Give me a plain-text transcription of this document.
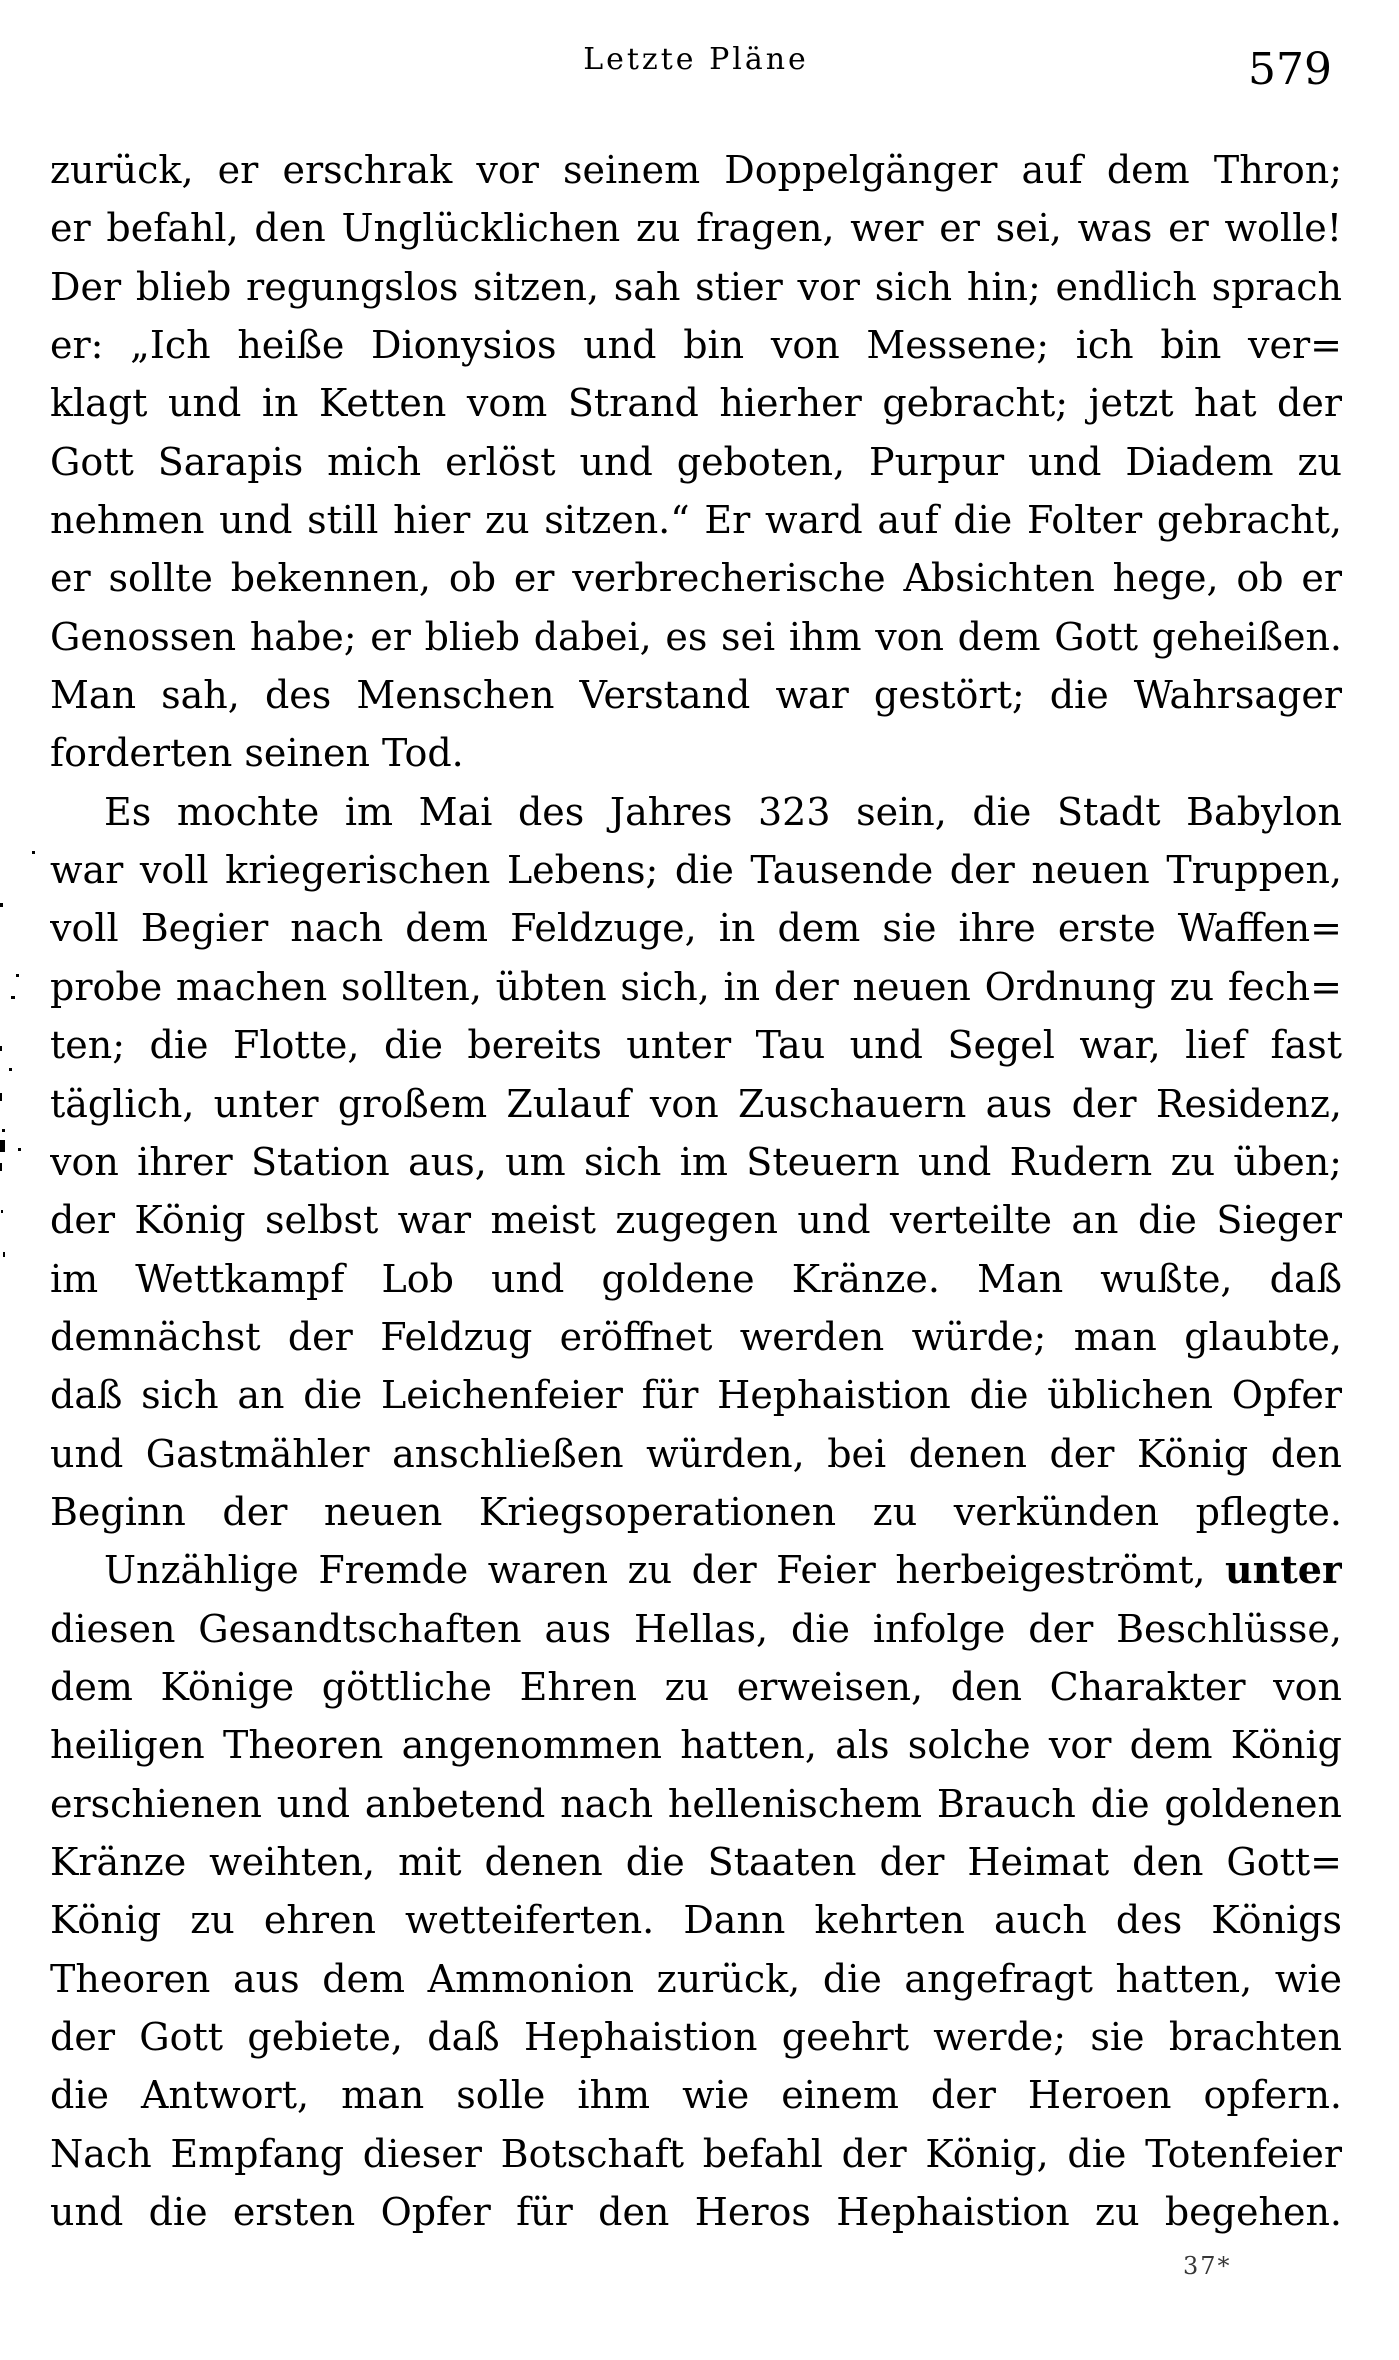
Letzte Pläne	579
zurück, er erschrak vor seinem Doppelgänger auf dem Thron;
er befahl, den Unglücklichen zu fragen, wer er sei, was er wolle!
Der blieb regungslos sitzen, sah stier vor sich hin; endlich sprach
er: „Ich heiße Dionysios und bin von Messene; ich bin ver=
klagt und in Ketten vom Strand hierher gebracht; jetzt hat der
Gott Sarapis mich erlöst und geboten, Purpur und Diadem zu
nehmen und still hier zu sitzen.“ Er ward auf die Folter gebracht,
er sollte bekennen, ob er verbrecherische Absichten hege, ob er
Genossen habe; er blieb dabei, es sei ihm von dem Gott geheißen.
Man sah, des Menschen Verstand war gestört; die Wahrsager
forderten seinen Tod.
Es mochte im Mai des Jahres 323 sein, die Stadt Babylon
war voll kriegerischen Lebens; die Tausende der neuen Truppen,
voll Begier nach dem Feldzuge, in dem sie ihre erste Waffen=
probe machen sollten, übten sich, in der neuen Ordnung zu fech=
ten; die Flotte, die bereits unter Tau und Segel war, lief fast
täglich, unter großem Zulauf von Zuschauern aus der Residenz,
von ihrer Station aus, um sich im Steuern und Rudern zu üben;
der König selbst war meist zugegen und verteilte an die Sieger
im Wettkampf Lob und goldene Kränze. Man wußte, daß
demnächst der Feldzug eröffnet werden würde; man glaubte,
daß sich an die Leichenfeier für Hephaistion die üblichen Opfer
und Gastmähler anschließen würden, bei denen der König den
Beginn der neuen Kriegsoperationen zu verkünden pflegte.
Unzählige Fremde waren zu der Feier herbeigeströmt, unter
diesen Gesandtschaften aus Hellas, die infolge der Beschlüsse,
dem Könige göttliche Ehren zu erweisen, den Charakter von
heiligen Theoren angenommen hatten, als solche vor dem König
erschienen und anbetend nach hellenischem Brauch die goldenen
Kränze weihten, mit denen die Staaten der Heimat den Gott=
König zu ehren wetteiferten. Dann kehrten auch des Königs
Theoren aus dem Ammonion zurück, die angefragt hatten, wie
der Gott gebiete, daß Hephaistion geehrt werde; sie brachten
die Antwort, man solle ihm wie einem der Heroen opfern.
Nach Empfang dieser Botschaft befahl der König, die Totenfeier
und die ersten Opfer für den Heros Hephaistion zu begehen.
37*
